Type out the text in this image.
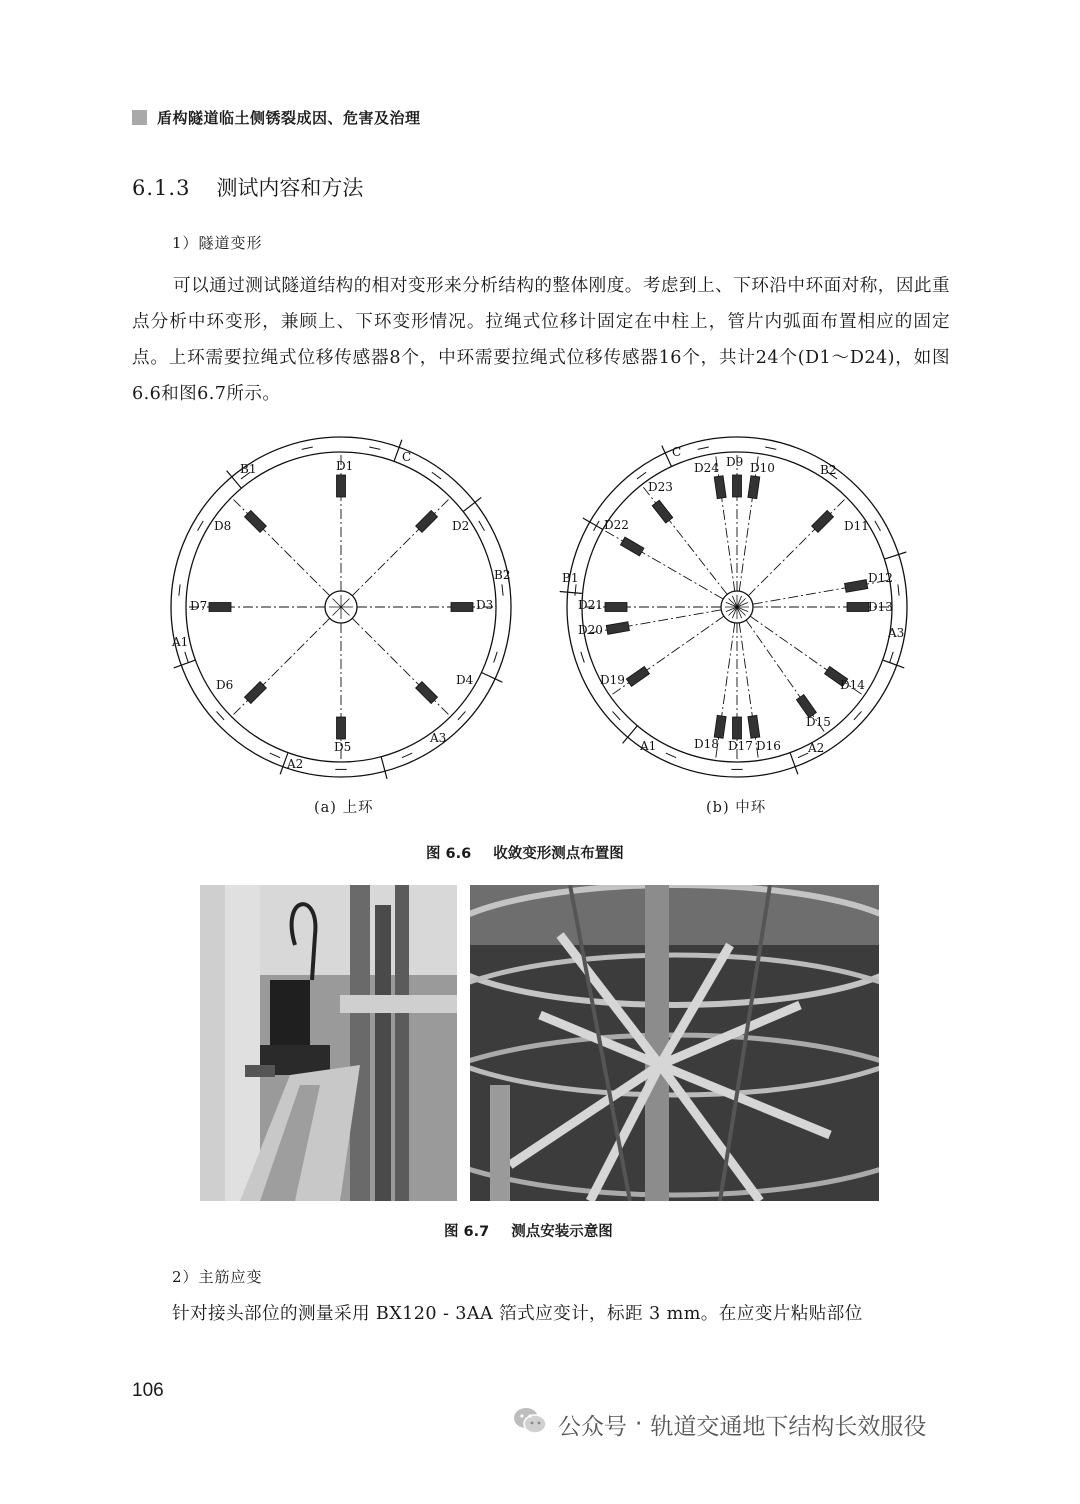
盾构隧道临土侧锈裂成因、危害及治理
6.1.3 测试内容和方法
1）隧道变形
可以通过测试隧道结构的相对变形来分析结构的整体刚度。考虑到上、下环沿中环面对称，因此重点分析中环变形，兼顾上、下环变形情况。拉绳式位移计固定在中柱上，管片内弧面布置相应的固定点。上环需要拉绳式位移传感器8个，中环需要拉绳式位移传感器16个，共计24个(D1～D24)，如图6.6和图6.7所示。
D1
D2
D3
D4
D5
D6
D7
D8
B1
C
B2
A3
A2
A1
D9 D10
D11
D12
D13
D14
D15
D16
D17
D18
D19
D20
D21
D22
D23
D24
C
B2
A3
A2
A1
B1
(a) 上环	(b) 中环
图 6.6 收敛变形测点布置图
图 6.7 测点安装示意图
2）主筋应变
针对接头部位的测量采用 BX120 - 3AA 箔式应变计，标距 3 mm。在应变片粘贴部位
106
公众号 · 轨道交通地下结构长效服役
